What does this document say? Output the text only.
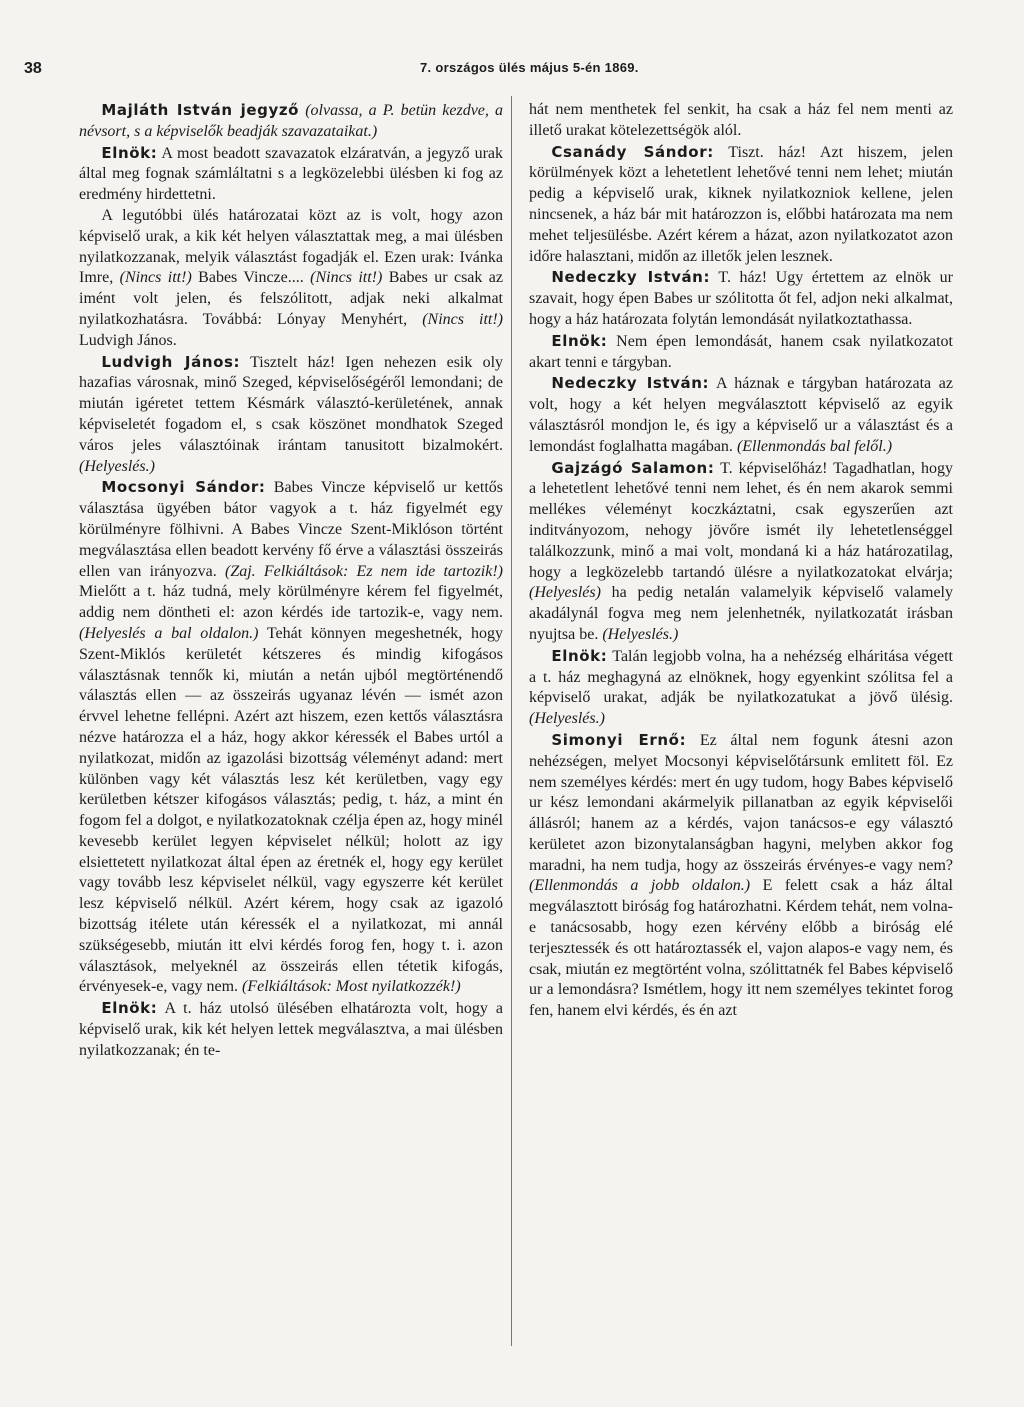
38	7. országos ülés május 5-én 1869.

Majláth István jegyző (olvassa, a P. betün kezdve, a névsort, s a képviselők beadják szavazataikat.)

Elnök: A most beadott szavazatok elzáratván, a jegyző urak által meg fognak számláltatni s a legközelebbi ülésben ki fog az eredmény hirdettetni.

A legutóbbi ülés határozatai közt az is volt, hogy azon képviselő urak, a kik két helyen választattak meg, a mai ülésben nyilatkozzanak, melyik választást fogadják el. Ezen urak: Ivánka Imre, (Nincs itt!) Babes Vincze.... (Nincs itt!) Babes ur csak az imént volt jelen, és felszólitott, adjak neki alkalmat nyilatkozhatásra. Továbbá: Lónyay Menyhért, (Nincs itt!) Ludvigh János.

Ludvigh János: Tisztelt ház! Igen nehezen esik oly hazafias városnak, minő Szeged, képviselőségéről lemondani; de miután igéretet tettem Késmárk választó-kerületének, annak képviseletét fogadom el, s csak köszönet mondhatok Szeged város jeles választóinak irántam tanusitott bizalmokért. (Helyeslés.)

Mocsonyi Sándor: Babes Vincze képviselő ur kettős választása ügyében bátor vagyok a t. ház figyelmét egy körülményre fölhivni. A Babes Vincze Szent-Miklóson történt megválasztása ellen beadott kervény fő érve a választási összeirás ellen van irányozva. (Zaj. Felkiáltások: Ez nem ide tartozik!) Mielőtt a t. ház tudná, mely körülményre kérem fel figyelmét, addig nem döntheti el: azon kérdés ide tartozik-e, vagy nem. (Helyeslés a bal oldalon.) Tehát könnyen megeshetnék, hogy Szent-Miklós kerületét kétszeres és mindig kifogásos választásnak tennők ki, miután a netán ujból megtörténendő választás ellen — az összeirás ugyanaz lévén — ismét azon érvvel lehetne fellépni. Azért azt hiszem, ezen kettős választásra nézve határozza el a ház, hogy akkor kéressék el Babes urtól a nyilatkozat, midőn az igazolási bizottság véleményt adand: mert különben vagy két választás lesz két kerületben, vagy egy kerületben kétszer kifogásos választás; pedig, t. ház, a mint én fogom fel a dolgot, e nyilatkozatoknak czélja épen az, hogy minél kevesebb kerület legyen képviselet nélkül; holott az igy elsiettetett nyilatkozat által épen az éretnék el, hogy egy kerület vagy tovább lesz képviselet nélkül, vagy egyszerre két kerület lesz képviselő nélkül. Azért kérem, hogy csak az igazoló bizottság itélete után kéressék el a nyilatkozat, mi annál szükségesebb, miután itt elvi kérdés forog fen, hogy t. i. azon választások, melyeknél az összeirás ellen tétetik kifogás, érvényesek-e, vagy nem. (Felkiáltások: Most nyilatkozzék!)

Elnök: A t. ház utolsó ülésében elhatározta volt, hogy a képviselő urak, kik két helyen lettek megválasztva, a mai ülésben nyilatkozzanak; én te-

hát nem menthetek fel senkit, ha csak a ház fel nem menti az illető urakat kötelezettségök alól.

Csanády Sándor: Tiszt. ház! Azt hiszem, jelen körülmények közt a lehetetlent lehetővé tenni nem lehet; miután pedig a képviselő urak, kiknek nyilatkozniok kellene, jelen nincsenek, a ház bár mit határozzon is, előbbi határozata ma nem mehet teljesülésbe. Azért kérem a házat, azon nyilatkozatot azon időre halasztani, midőn az illetők jelen lesznek.

Nedeczky István: T. ház! Ugy értettem az elnök ur szavait, hogy épen Babes ur szólitotta őt fel, adjon neki alkalmat, hogy a ház határozata folytán lemondását nyilatkoztathassa.

Elnök: Nem épen lemondását, hanem csak nyilatkozatot akart tenni e tárgyban.

Nedeczky István: A háznak e tárgyban határozata az volt, hogy a két helyen megválasztott képviselő az egyik választásról mondjon le, és igy a képviselő ur a választást és a lemondást foglalhatta magában. (Ellenmondás bal felől.)

Gajzágó Salamon: T. képviselőház! Tagadhatlan, hogy a lehetetlent lehetővé tenni nem lehet, és én nem akarok semmi mellékes véleményt koczkáztatni, csak egyszerűen azt inditványozom, nehogy jövőre ismét ily lehetetlenséggel találkozzunk, minő a mai volt, mondaná ki a ház határozatilag, hogy a legközelebb tartandó ülésre a nyilatkozatokat elvárja; (Helyeslés) ha pedig netalán valamelyik képviselő valamely akadálynál fogva meg nem jelenhetnék, nyilatkozatát irásban nyujtsa be. (Helyeslés.)

Elnök: Talán legjobb volna, ha a nehézség elháritása végett a t. ház meghagyná az elnöknek, hogy egyenkint szólitsa fel a képviselő urakat, adják be nyilatkozatukat a jövő ülésig. (Helyeslés.)

Simonyi Ernő: Ez által nem fogunk átesni azon nehézségen, melyet Mocsonyi képviselőtársunk emlitett föl. Ez nem személyes kérdés: mert én ugy tudom, hogy Babes képviselő ur kész lemondani akármelyik pillanatban az egyik képviselői állásról; hanem az a kérdés, vajon tanácsos-e egy választó kerületet azon bizonytalanságban hagyni, melyben akkor fog maradni, ha nem tudja, hogy az összeirás érvényes-e vagy nem? (Ellenmondás a jobb oldalon.) E felett csak a ház által megválasztott biróság fog határozhatni. Kérdem tehát, nem volna-e tanácsosabb, hogy ezen kérvény előbb a biróság elé terjesztessék és ott határoztassék el, vajon alapos-e vagy nem, és csak, miután ez megtörtént volna, szólittatnék fel Babes képviselő ur a lemondásra? Ismétlem, hogy itt nem személyes tekintet forog fen, hanem elvi kérdés, és én azt
